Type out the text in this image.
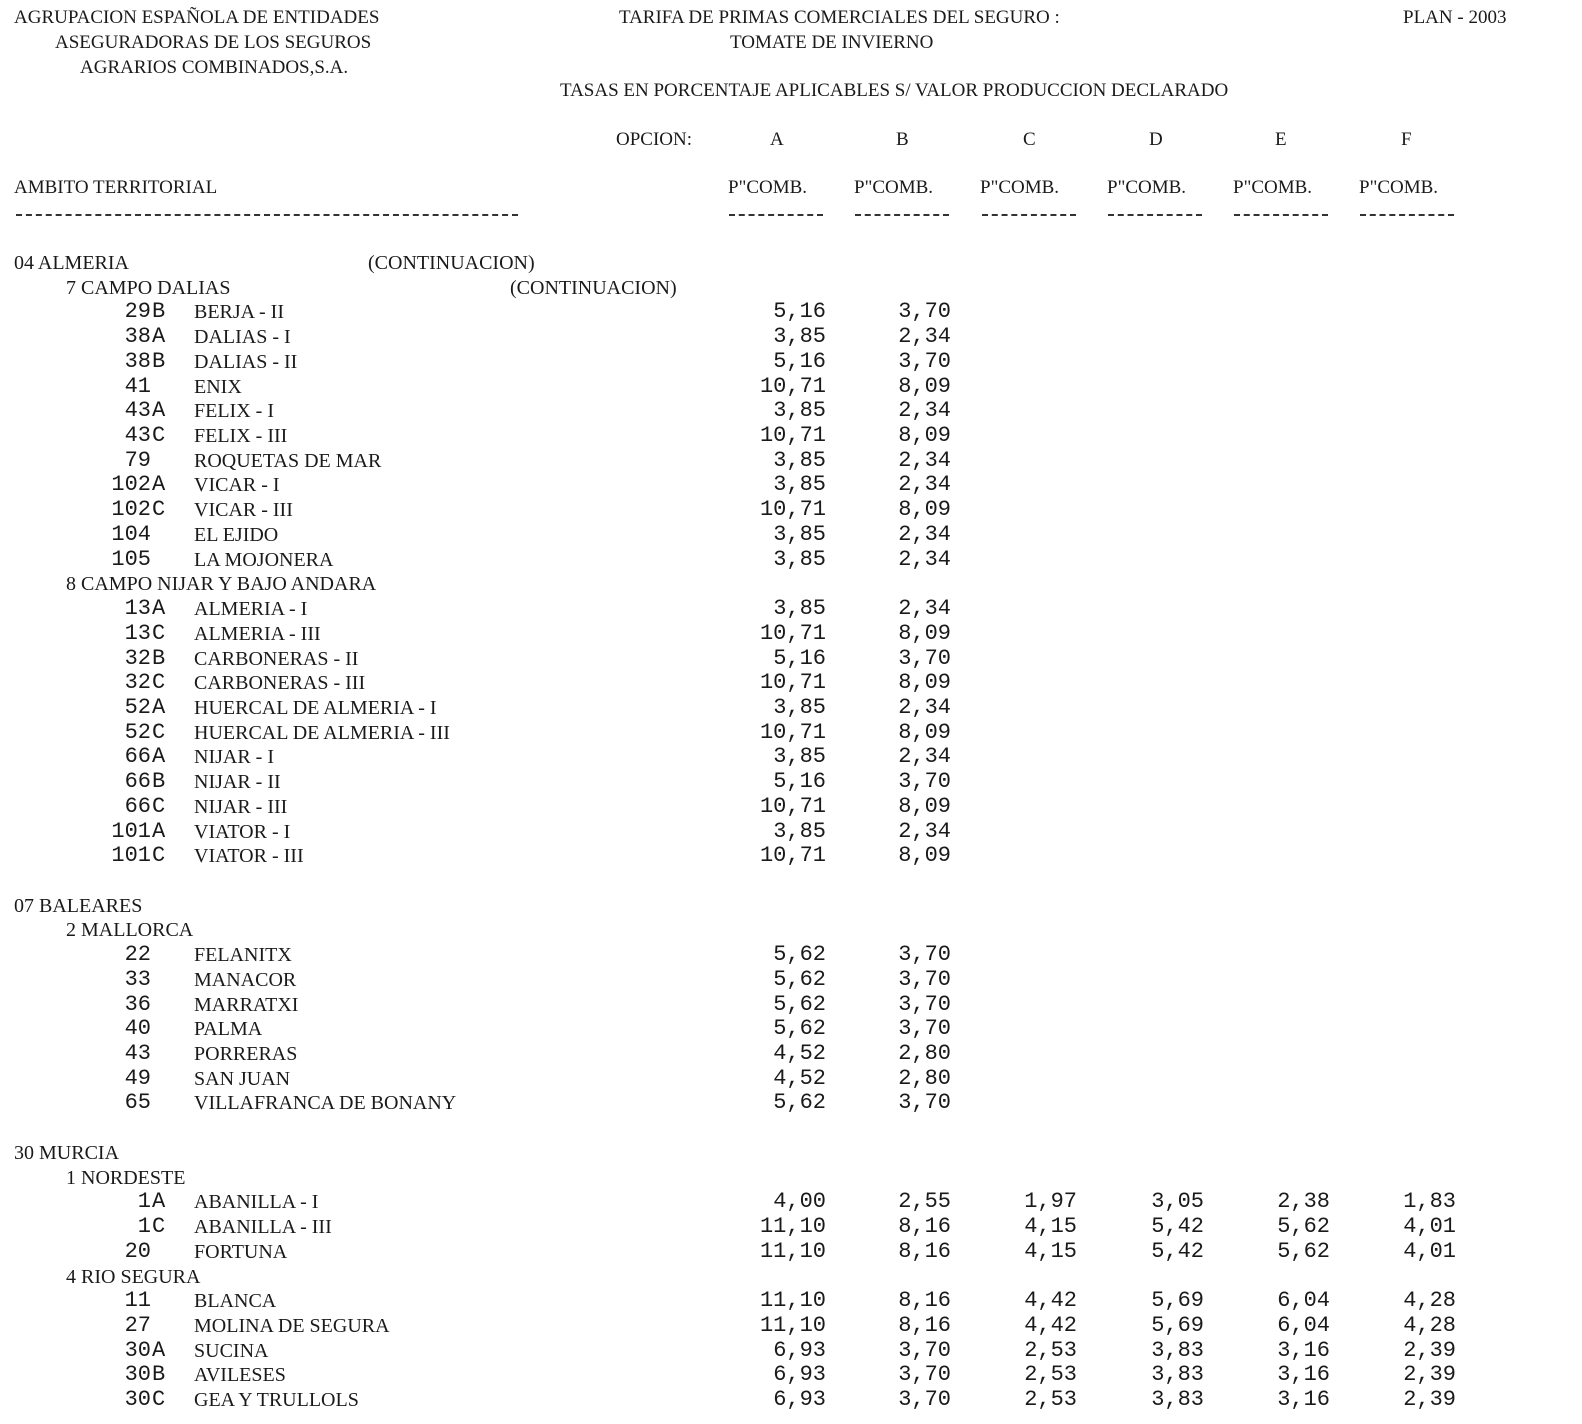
AGRUPACION ESPAÑOLA DE ENTIDADES
ASEGURADORAS DE LOS SEGUROS
AGRARIOS COMBINADOS,S.A.
TARIFA DE PRIMAS COMERCIALES DEL SEGURO :
TOMATE DE INVIERNO
PLAN - 2003
TASAS EN PORCENTAJE APLICABLES S/ VALOR PRODUCCION DECLARADO
OPCION:	A	B	C	D	E	F
AMBITO TERRITORIAL	P"COMB. P"COMB. P"COMB.	P"COMB. P"COMB. P"COMB.
04 ALMERIA	(CONTINUACION)
7 CAMPO DALIAS	(CONTINUACION)
29 B BERJA - II	5,16	3,70
38 A DALIAS - I	3,85	2,34
38 B DALIAS - II	5,16	3,70
41 ENIX	10,71	8,09
43 A FELIX - I	3,85	2,34
43 C FELIX - III	10,71	8,09
79 ROQUETAS DE MAR	3,85	2,34
102 A VICAR - I	3,85	2,34
102 C VICAR - III	10,71	8,09
104 EL EJIDO	3,85	2,34
105 LA MOJONERA	3,85	2,34
8 CAMPO NIJAR Y BAJO ANDARA
13 A ALMERIA - I	3,85	2,34
13 C ALMERIA - III	10,71	8,09
32 B CARBONERAS - II	5,16	3,70
32 C CARBONERAS - III	10,71	8,09
52 A HUERCAL DE ALMERIA - I	3,85	2,34
52 C HUERCAL DE ALMERIA - III	10,71	8,09
66 A NIJAR - I	3,85	2,34
66 B NIJAR - II	5,16	3,70
66 C NIJAR - III	10,71	8,09
101 A VIATOR - I	3,85	2,34
101 C VIATOR - III	10,71	8,09
07 BALEARES
2 MALLORCA
22 FELANITX	5,62	3,70
33 MANACOR	5,62	3,70
36 MARRATXI	5,62	3,70
40 PALMA	5,62	3,70
43 PORRERAS	4,52	2,80
49 SAN JUAN	4,52	2,80
65 VILLAFRANCA DE BONANY	5,62	3,70
30 MURCIA
1 NORDESTE
1 A ABANILLA - I	4,00	2,55	1,97	3,05	2,38	1,83
1 C ABANILLA - III	11,10	8,16	4,15	5,42	5,62	4,01
20 FORTUNA	11,10	8,16	4,15	5,42	5,62	4,01
4 RIO SEGURA
11 BLANCA	11,10	8,16	4,42	5,69	6,04	4,28
27 MOLINA DE SEGURA	11,10	8,16	4,42	5,69	6,04	4,28
30 A SUCINA	6,93	3,70	2,53	3,83	3,16	2,39
30 B AVILESES	6,93	3,70	2,53	3,83	3,16	2,39
30 C GEA Y TRULLOLS	6,93	3,70	2,53	3,83	3,16	2,39
